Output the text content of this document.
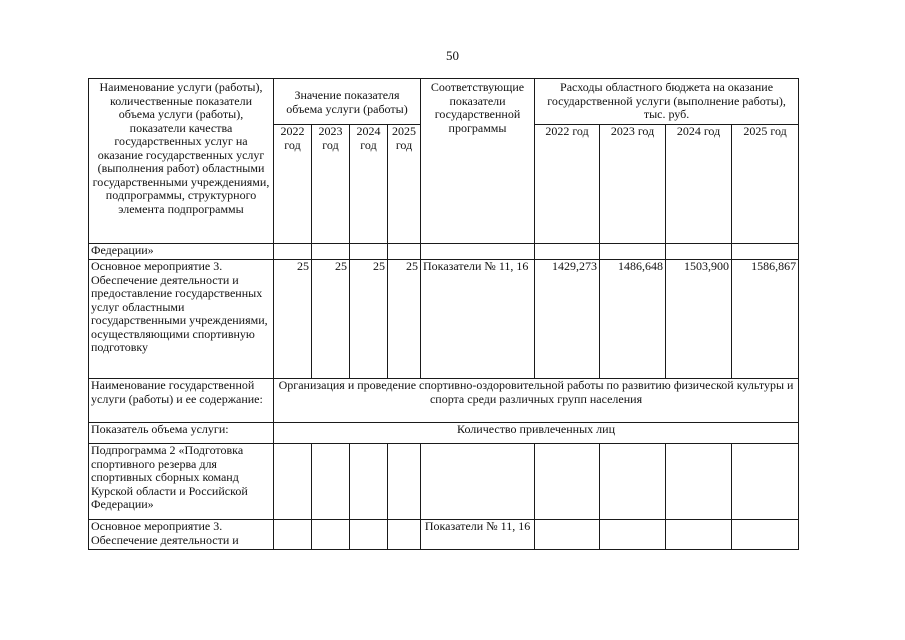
50
Наименование услуги (работы), количественные показатели объема услуги (работы), показатели качества государственных услуг на оказание государственных услуг (выполнения работ) областными государственными учреждениями, подпрограммы, структурного элемента подпрограммы	Значение показателя объема услуги (работы)				Соответствующие показатели государственной программы	Расходы областного бюджета на оказание государственной услуги (выполнение работы), тыс. руб.			
	2022 год	2023 год	2024 год	2025 год		2022 год	2023 год	2024 год	2025 год
Федерации»									
Основное мероприятие 3. Обеспечение деятельности и предоставление государственных услуг областными государственными учреждениями, осуществляющими спортивную подготовку	25	25	25	25	Показатели № 11, 16	1429,273	1486,648	1503,900	1586,867
Наименование государственной услуги (работы) и ее содержание:	Организация и проведение спортивно-оздоровительной работы по развитию физической культуры и спорта среди различных групп населения								
Показатель объема услуги:	Количество привлеченных лиц								
Подпрограмма 2 «Подготовка спортивного резерва для спортивных сборных команд Курской области и Российской Федерации»									
Основное мероприятие 3. Обеспечение деятельности и					Показатели № 11, 16				
